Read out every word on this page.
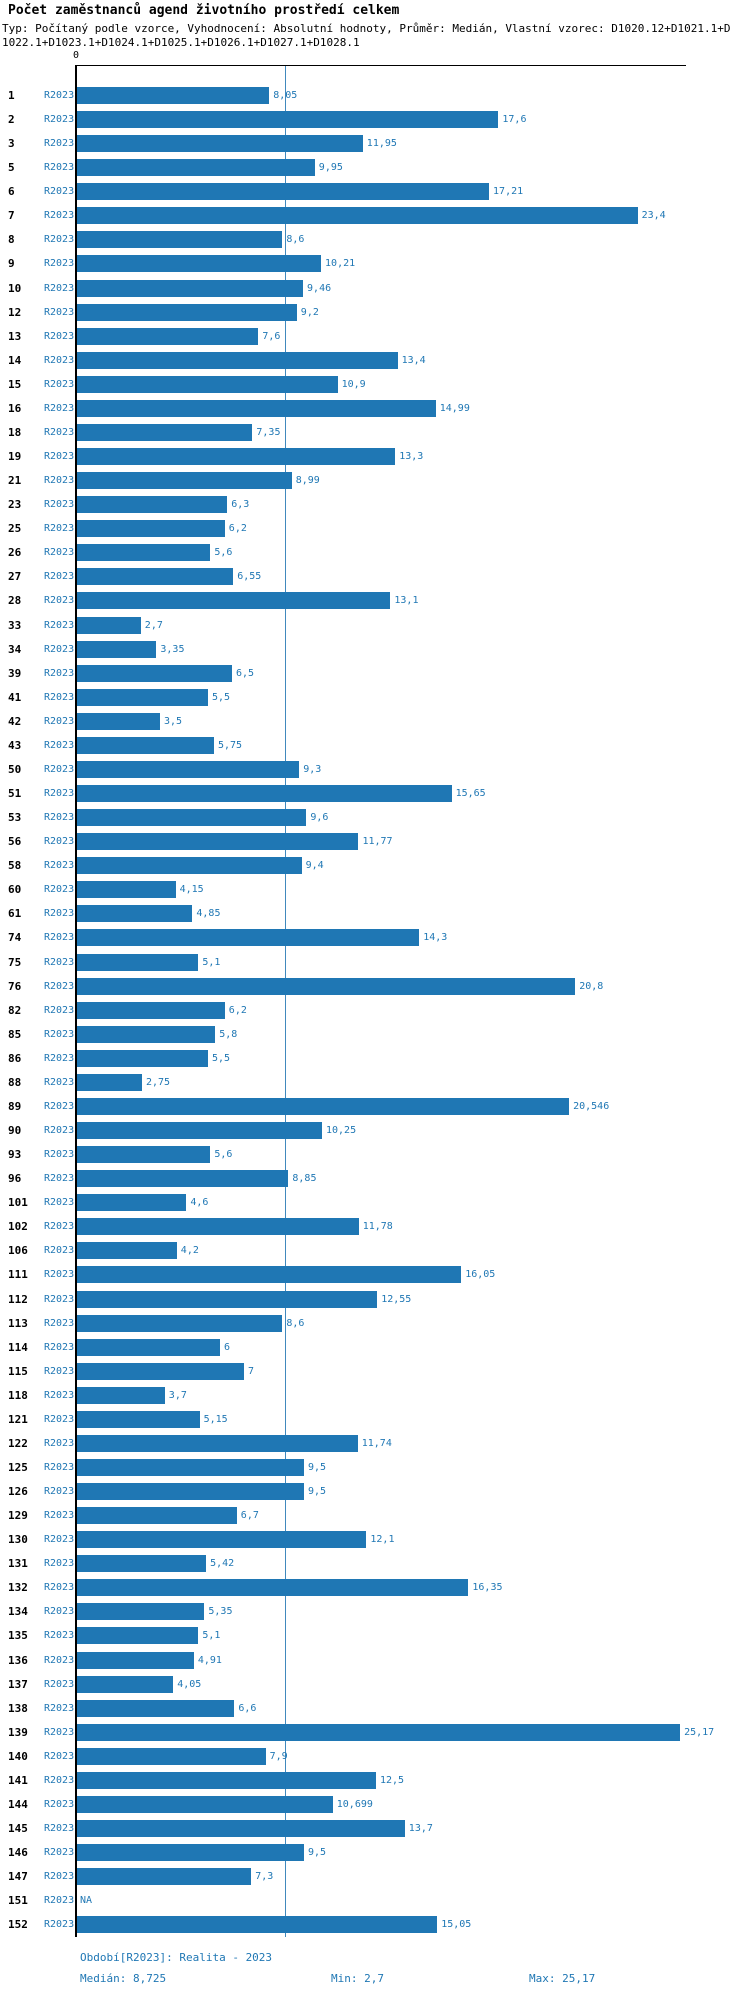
Počet zaměstnanců agend životního prostředí celkem
Typ: Počítaný podle vzorce, Vyhodnocení: Absolutní hodnoty, Průměr: Medián, Vlastní vzorec: D1020.12+D1021.1+D
1022.1+D1023.1+D1024.1+D1025.1+D1026.1+D1027.1+D1028.1
0
1	R2023	8,05
2	R2023	17,6
3	R2023	11,95
5	R2023	9,95
6	R2023	17,21
7	R2023	23,4
8	R2023	8,6
9	R2023	10,21
10 R2023	9,46
12 R2023	9,2
13 R2023	7,6
14 R2023	13,4
15 R2023	10,9
16 R2023	14,99
18 R2023	7,35
19 R2023	13,3
21 R2023	8,99
23 R2023	6,3
25 R2023	6,2
26 R2023	5,6
27 R2023	6,55
28 R2023	13,1
33 R2023	2,7
34 R2023	3,35
39 R2023	6,5
41 R2023	5,5
42 R2023	3,5
43 R2023	5,75
50 R2023	9,3
51 R2023	15,65
53 R2023	9,6
56 R2023	11,77
58 R2023	9,4
60 R2023	4,15
61 R2023	4,85
74 R2023	14,3
75 R2023	5,1
76 R2023	20,8
82 R2023	6,2
85 R2023	5,8
86 R2023	5,5
88 R2023	2,75
89 R2023	20,546
90 R2023	10,25
93 R2023	5,6
96 R2023	8,85
101 R2023	4,6
102 R2023	11,78
106 R2023	4,2
111 R2023	16,05
112 R2023	12,55
113 R2023	8,6
114 R2023	6
115 R2023	7
118 R2023	3,7
121 R2023	5,15
122 R2023	11,74
125 R2023	9,5
126 R2023	9,5
129 R2023	6,7
130 R2023	12,1
131 R2023	5,42
132 R2023	16,35
134 R2023	5,35
135 R2023	5,1
136 R2023	4,91
137 R2023	4,05
138 R2023	6,6
139 R2023	25,17
140 R2023	7,9
141 R2023	12,5
144 R2023	10,699
145 R2023	13,7
146 R2023	9,5
147 R2023	7,3
151 R2023 NA
152 R2023	15,05
Období[R2023]: Realita - 2023
Medián: 8,725	Min: 2,7	Max: 25,17
